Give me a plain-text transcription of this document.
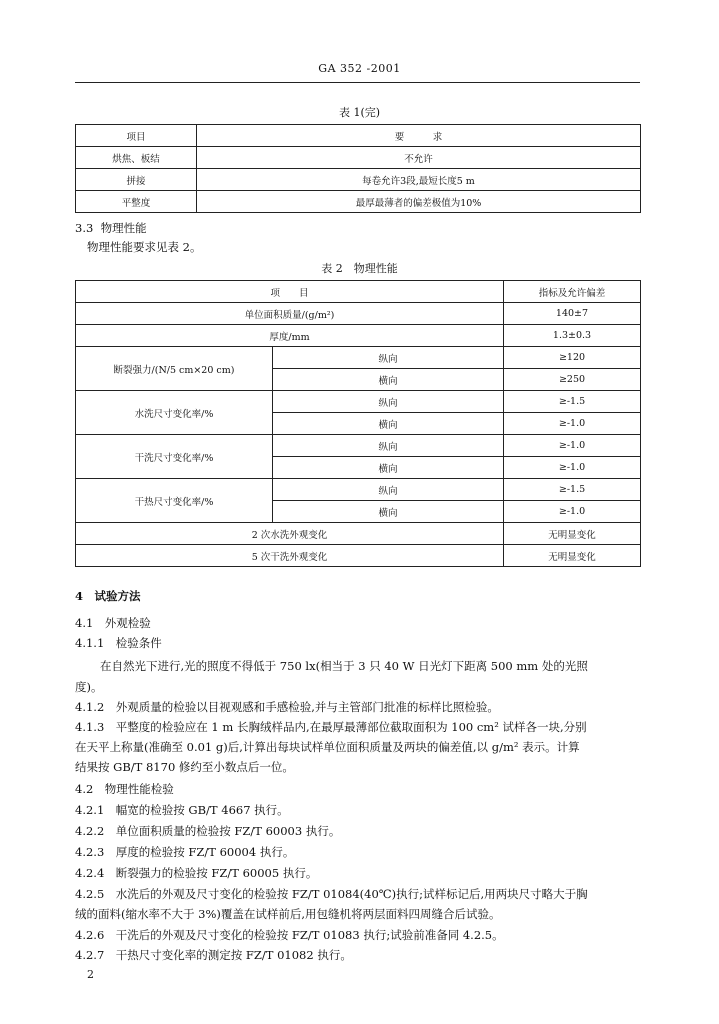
GA 352 -2001
表 1(完)
项目	要　　　求
烘焦、板结	不允许
拼接	每卷允许3段,最短长度5 m
平整度	最厚最薄者的偏差极值为10%
3.3 物理性能
物理性能要求见表 2。
表 2　物理性能
项　　目		指标及允许偏差
单位面积质量/(g/m²)		140±7
厚度/mm		1.3±0.3
断裂强力/(N/5 cm×20 cm)	纵向	≥120
	横向	≥250
水洗尺寸变化率/%	纵向	≥-1.5
	横向	≥-1.0
干洗尺寸变化率/%	纵向	≥-1.0
	横向	≥-1.0
干热尺寸变化率/%	纵向	≥-1.5
	横向	≥-1.0
2 次水洗外观变化		无明显变化
5 次干洗外观变化		无明显变化
4　试验方法
4.1　外观检验
4.1.1　检验条件
在自然光下进行,光的照度不得低于 750 lx(相当于 3 只 40 W 日光灯下距离 500 mm 处的光照
度)。
4.1.2　外观质量的检验以目视观感和手感检验,并与主管部门批准的标样比照检验。
4.1.3　平整度的检验应在 1 m 长胸绒样品内,在最厚最薄部位截取面积为 100 cm² 试样各一块,分别
在天平上称量(准确至 0.01 g)后,计算出每块试样单位面积质量及两块的偏差值,以 g/m² 表示。计算
结果按 GB/T 8170 修约至小数点后一位。
4.2　物理性能检验
4.2.1　幅宽的检验按 GB/T 4667 执行。
4.2.2　单位面积质量的检验按 FZ/T 60003 执行。
4.2.3　厚度的检验按 FZ/T 60004 执行。
4.2.4　断裂强力的检验按 FZ/T 60005 执行。
4.2.5　水洗后的外观及尺寸变化的检验按 FZ/T 01084(40℃)执行;试样标记后,用两块尺寸略大于胸
绒的面料(缩水率不大于 3%)覆盖在试样前后,用包缝机将两层面料四周缝合后试验。
4.2.6　干洗后的外观及尺寸变化的检验按 FZ/T 01083 执行;试验前准备同 4.2.5。
4.2.7　干热尺寸变化率的测定按 FZ/T 01082 执行。
2
